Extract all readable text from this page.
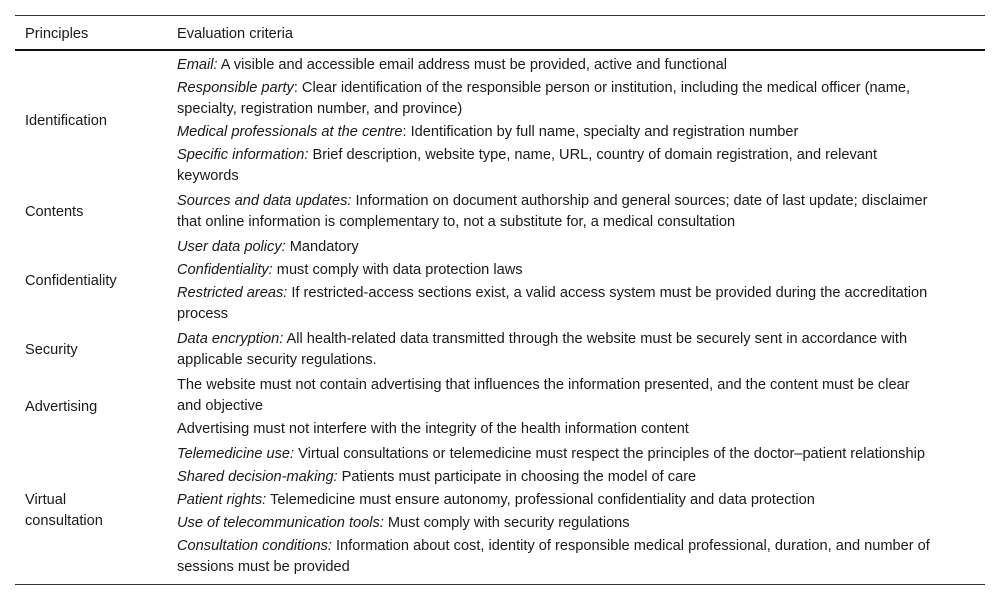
Principles	Evaluation criteria

Identification	Email: A visible and accessible email address must be provided, active and functional
Responsible party: Clear identification of the responsible person or institution, including the medical officer (name, specialty, registration number, and province)
Medical professionals at the centre: Identification by full name, specialty and registration number
Specific information: Brief description, website type, name, URL, country of domain registration, and relevant keywords

Contents	Sources and data updates: Information on document authorship and general sources; date of last update; disclaimer that online information is complementary to, not a substitute for, a medical consultation

Confidentiality	User data policy: Mandatory
Confidentiality: must comply with data protection laws
Restricted areas: If restricted-access sections exist, a valid access system must be provided during the accreditation process

Security	Data encryption: All health-related data transmitted through the website must be securely sent in accordance with applicable security regulations.

Advertising	The website must not contain advertising that influences the information presented, and the content must be clear and objective
Advertising must not interfere with the integrity of the health information content

Virtual consultation	Telemedicine use: Virtual consultations or telemedicine must respect the principles of the doctor–patient relationship
Shared decision-making: Patients must participate in choosing the model of care
Patient rights: Telemedicine must ensure autonomy, professional confidentiality and data protection
Use of telecommunication tools: Must comply with security regulations
Consultation conditions: Information about cost, identity of responsible medical professional, duration, and number of sessions must be provided
